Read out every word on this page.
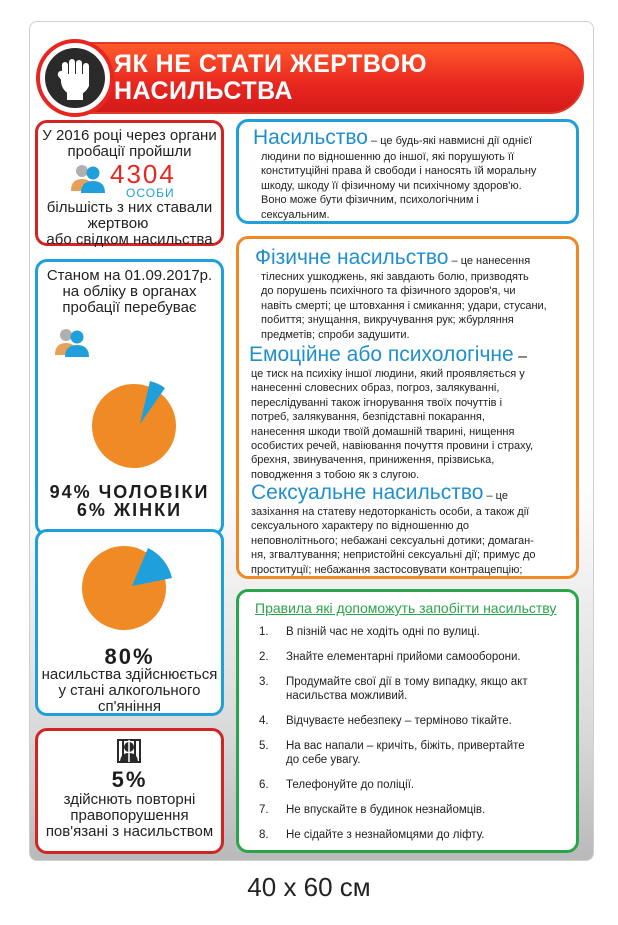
ЯК НЕ СТАТИ ЖЕРТВОЮ НАСИЛЬСТВА
У 2016 році через органи
пробації пройшли
4304
ОСОБИ
більшість з них ставали
жертвою
або свідком насильства
Станом на 01.09.2017р.
на обліку в органах
пробації перебуває
94% ЧОЛОВІКИ
6% ЖІНКИ
80%
насильства здійснюється
у стані алкогольного
сп'яніння
5%
здійснють повторні
правопорушення
пов'язані з насильством
Насильство – це будь-які навмисні дії однієї
людини по відношенню до іншої, які порушують її
конституційні права й свободи і наносять їй моральну
шкоду, шкоду її фізичному чи психічному здоров'ю.
Воно може бути фізичним, психологічним і
сексуальним.
Фізичне насильство – це нанесення
тілесних ушкоджень, які завдають болю, призводять
до порушень психічного та фізичного здоров'я, чи
навіть смерті; це штовхання і смикання; удари, стусани,
побиття; знущання, викручування рук; жбурляння
предметів; спроби задушити.
Емоційне або психологічне –
це тиск на психіку іншої людини, який проявляється у
нанесенні словесних образ, погроз, залякуванні,
переслідуванні також ігнорування твоїх почуттів і
потреб, залякування, безпідставні покарання,
нанесення шкоди твоїй домашній тварині, нищення
особистих речей, навіювання почуття провини і страху,
брехня, звинувачення, приниження, прізвиська,
поводження з тобою як з слугою.
Сексуальне насильство – це
зазіхання на статеву недоторканість особи, а також дії
сексуального характеру по відношенню до
неповнолітнього; небажані сексуальні дотики; домаган-
ня, згвалтування; непристойні сексуальні дії; примус до
проституції; небажання застосовувати контрацепцію;
Правила які допоможуть запобігти насильству
1.	В пізній час не ходіть одні по вулиці.
2.	Знайте елементарні прийоми самооборони.
3.	Продумайте свої дії в тому випадку, якщо акт
насильства можливий.
4.	Відчуваєте небезпеку – терміново тікайте.
5.	На вас напали – кричіть, біжіть, привертайте
до себе увагу.
6.	Телефонуйте до поліції.
7.	Не впускайте в будинок незнайомців.
8.	Не сідайте з незнайомцями до ліфту.
40 х 60 см
